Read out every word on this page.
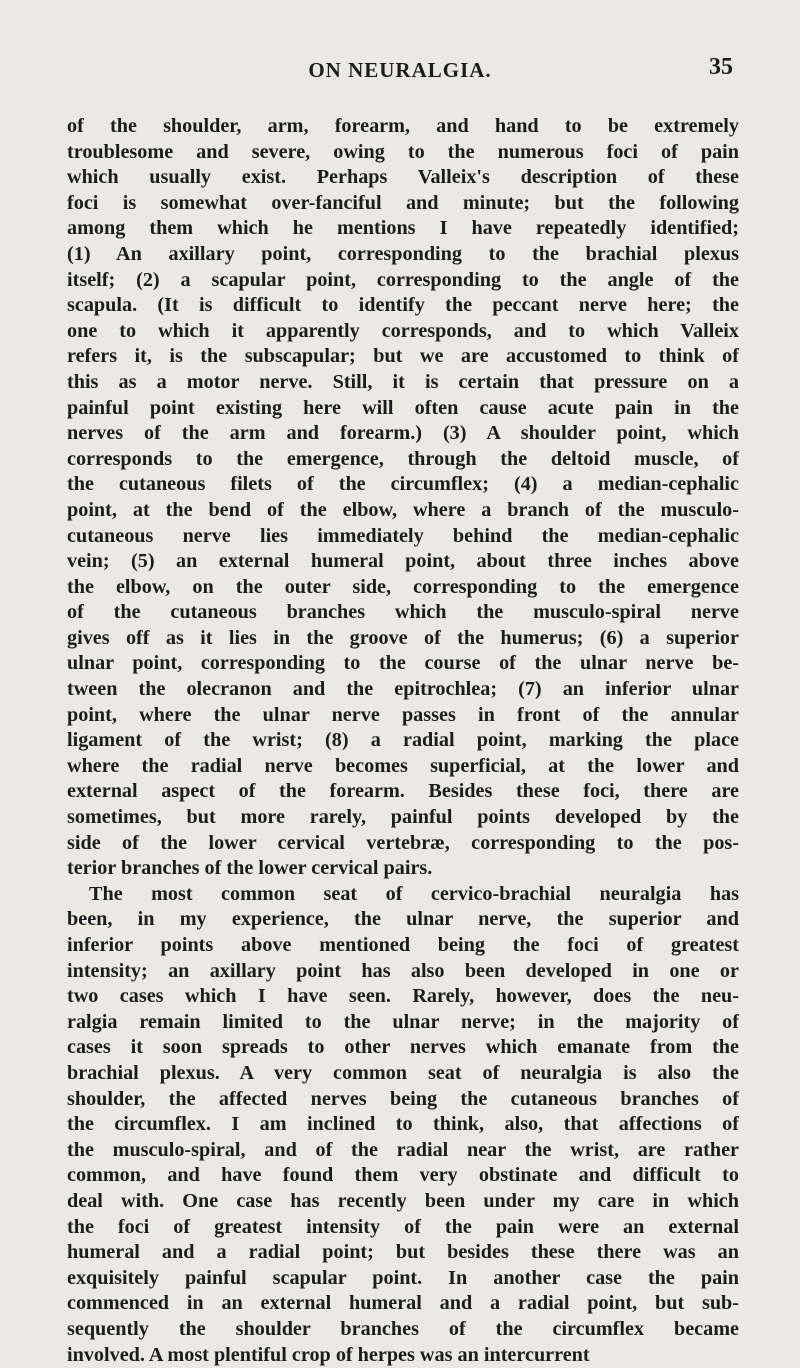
ON NEURALGIA.	35
of the shoulder, arm, forearm, and hand to be extremely
troublesome and severe, owing to the numerous foci of pain
which usually exist. Perhaps Valleix's description of these
foci is somewhat over-fanciful and minute; but the following
among them which he mentions I have repeatedly identified;
(1) An axillary point, corresponding to the brachial plexus
itself; (2) a scapular point, corresponding to the angle of the
scapula. (It is difficult to identify the peccant nerve here; the
one to which it apparently corresponds, and to which Valleix
refers it, is the subscapular; but we are accustomed to think of
this as a motor nerve. Still, it is certain that pressure on a
painful point existing here will often cause acute pain in the
nerves of the arm and forearm.) (3) A shoulder point, which
corresponds to the emergence, through the deltoid muscle, of
the cutaneous filets of the circumflex; (4) a median-cephalic
point, at the bend of the elbow, where a branch of the musculo-
cutaneous nerve lies immediately behind the median-cephalic
vein; (5) an external humeral point, about three inches above
the elbow, on the outer side, corresponding to the emergence
of the cutaneous branches which the musculo-spiral nerve
gives off as it lies in the groove of the humerus; (6) a superior
ulnar point, corresponding to the course of the ulnar nerve be-
tween the olecranon and the epitrochlea; (7) an inferior ulnar
point, where the ulnar nerve passes in front of the annular
ligament of the wrist; (8) a radial point, marking the place
where the radial nerve becomes superficial, at the lower and
external aspect of the forearm. Besides these foci, there are
sometimes, but more rarely, painful points developed by the
side of the lower cervical vertebræ, corresponding to the pos-
terior branches of the lower cervical pairs.
The most common seat of cervico-brachial neuralgia has
been, in my experience, the ulnar nerve, the superior and
inferior points above mentioned being the foci of greatest
intensity; an axillary point has also been developed in one or
two cases which I have seen. Rarely, however, does the neu-
ralgia remain limited to the ulnar nerve; in the majority of
cases it soon spreads to other nerves which emanate from the
brachial plexus. A very common seat of neuralgia is also the
shoulder, the affected nerves being the cutaneous branches of
the circumflex. I am inclined to think, also, that affections of
the musculo-spiral, and of the radial near the wrist, are rather
common, and have found them very obstinate and difficult to
deal with. One case has recently been under my care in which
the foci of greatest intensity of the pain were an external
humeral and a radial point; but besides these there was an
exquisitely painful scapular point. In another case the pain
commenced in an external humeral and a radial point, but sub-
sequently the shoulder branches of the circumflex became
involved. A most plentiful crop of herpes was an intercurrent
